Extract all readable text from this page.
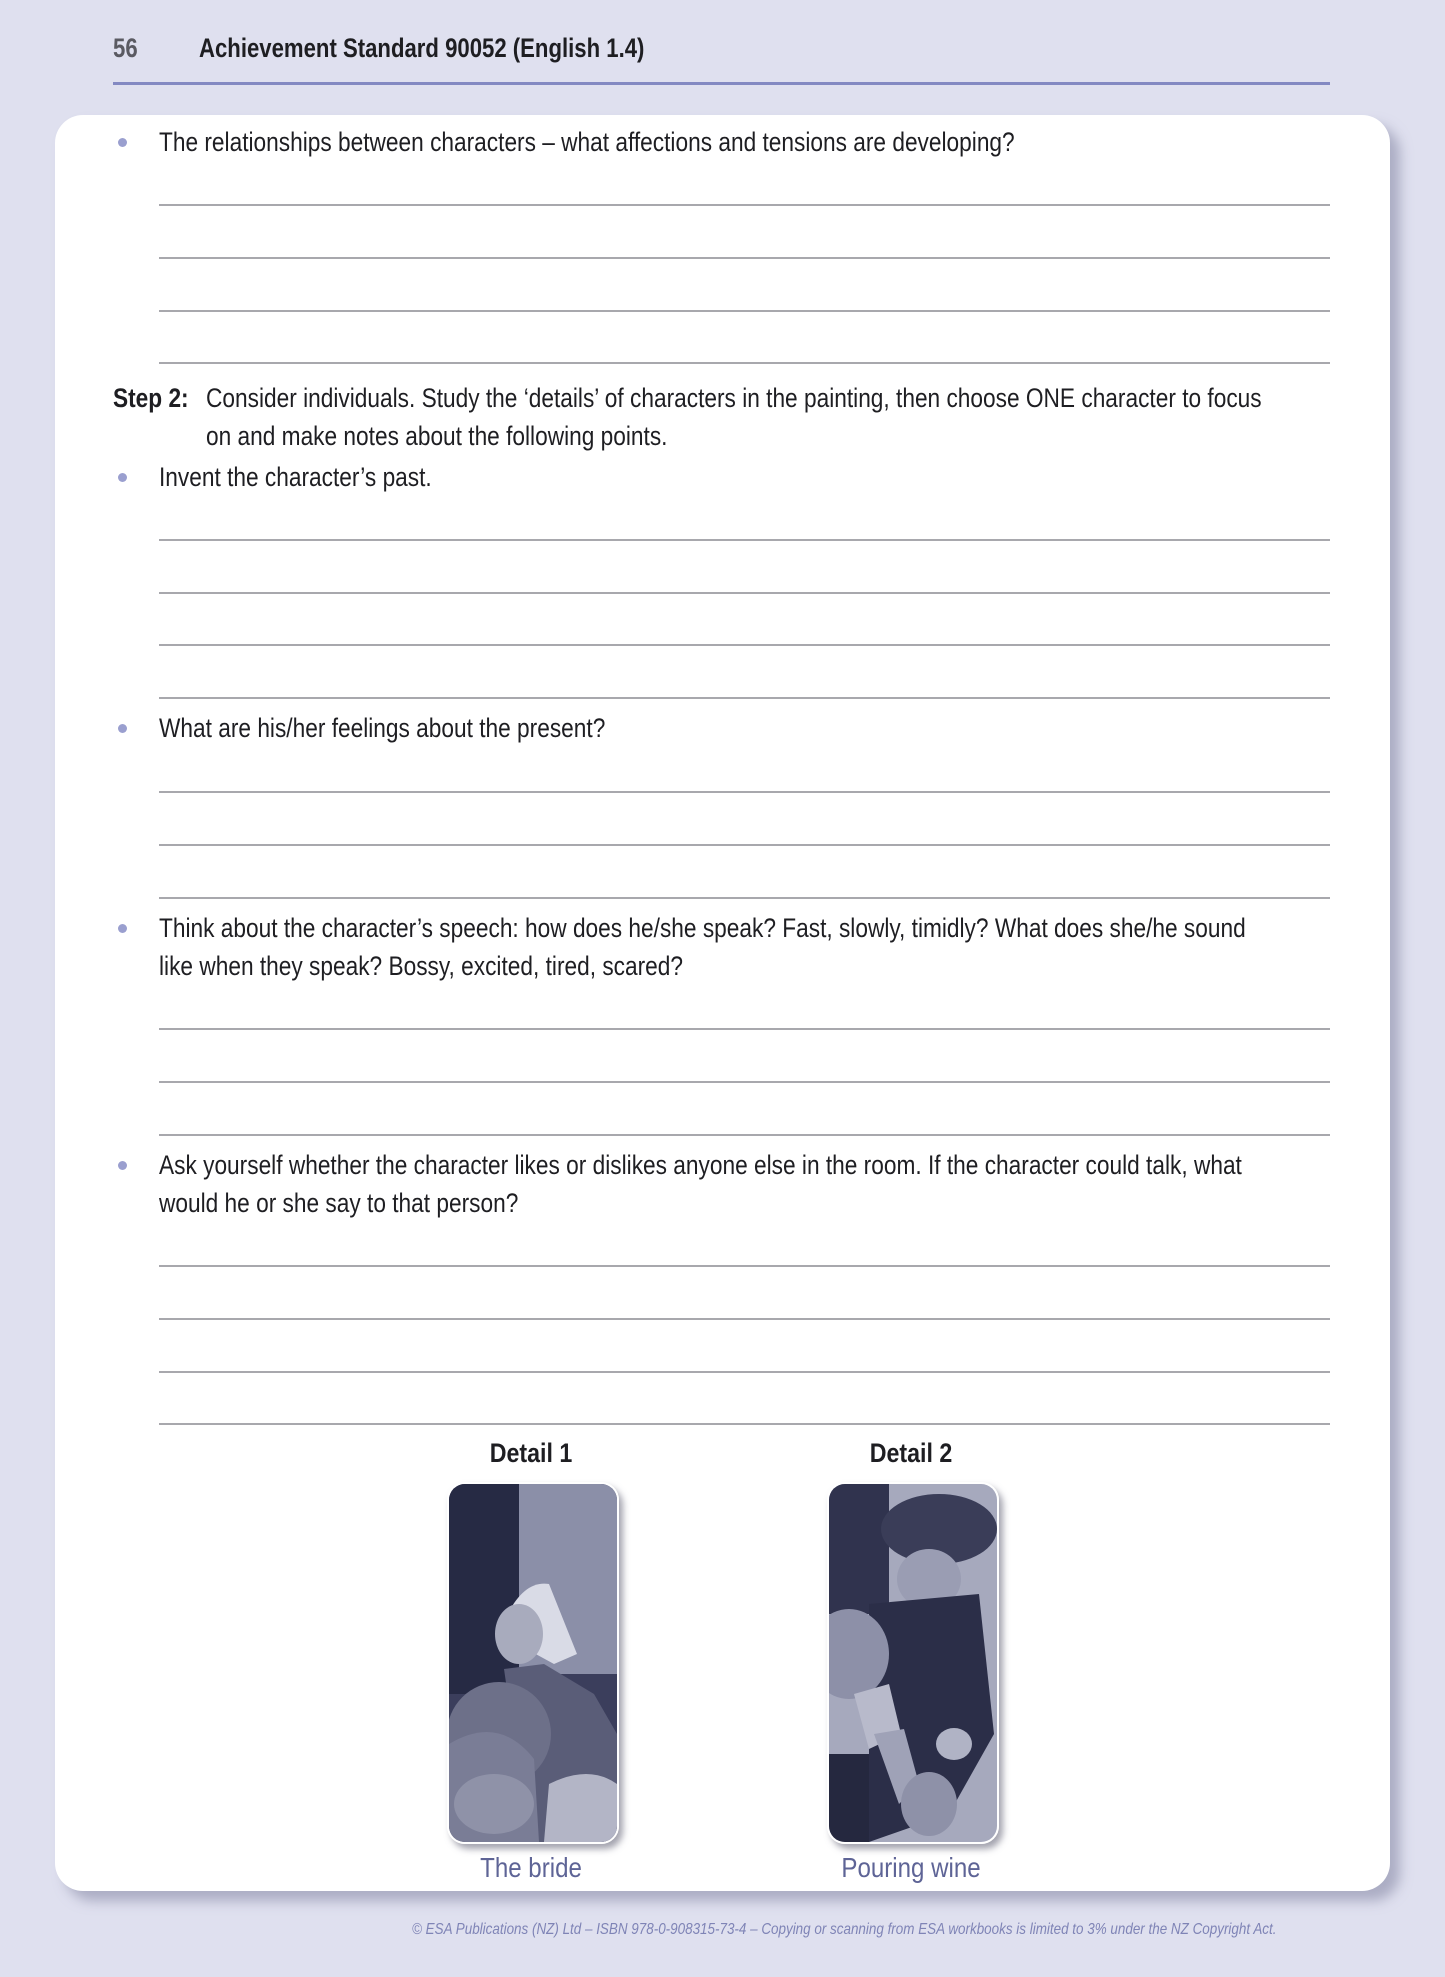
56 Achievement Standard 90052 (English 1.4)
The relationships between characters – what affections and tensions are developing?
Step 2: Consider individuals. Study the ‘details’ of characters in the painting, then choose ONE character to focus
on and make notes about the following points.
Invent the character’s past.
What are his/her feelings about the present?
Think about the character’s speech: how does he/she speak? Fast, slowly, timidly? What does she/he sound
like when they speak? Bossy, excited, tired, scared?
Ask yourself whether the character likes or dislikes anyone else in the room. If the character could talk, what
would he or she say to that person?
Detail 1
The bride
Detail 2
Pouring wine
© ESA Publications (NZ) Ltd – ISBN 978-0-908315-73-4 – Copying or scanning from ESA workbooks is limited to 3% under the NZ Copyright Act.
